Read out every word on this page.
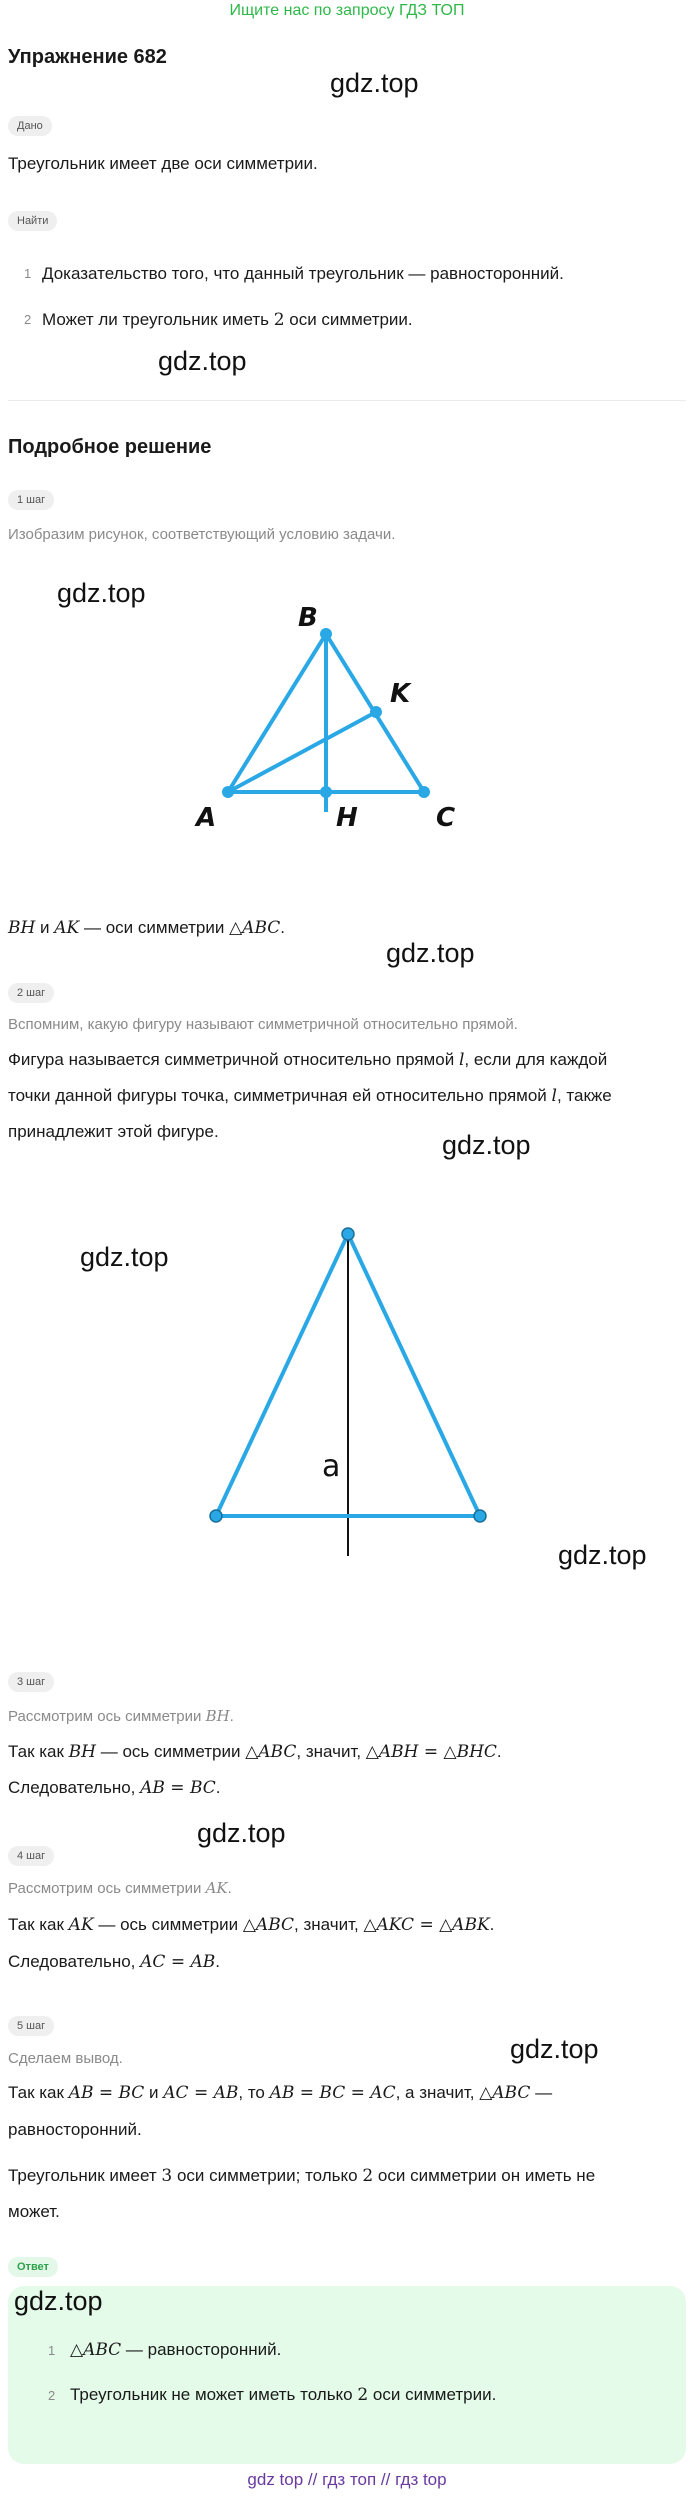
Ищите нас по запросу ГДЗ ТОП
Упражнение 682
gdz.top
gdz.top
gdz.top
gdz.top
gdz.top
gdz.top
gdz.top
gdz.top
gdz.top
Дано
Треугольник имеет две оси симметрии.
Найти
1 Доказательство того, что данный треугольник — равносторонний.
2 Может ли треугольник иметь 2 оси симметрии.
Подробное решение
1 шаг
Изобразим рисунок, соответствующий условию задачи.
B
K
A	H	C
BH и AK — оси симметрии △ABC.
2 шаг
Вспомним, какую фигуру называют симметричной относительно прямой.
Фигура называется симметричной относительно прямой l, если для каждой
точки данной фигуры точка, симметричная ей относительно прямой l, также
принадлежит этой фигуре.
a
3 шаг
Рассмотрим ось симметрии BH.
Так как BH — ось симметрии △ABC, значит, △ABH = △BHC.
Следовательно, AB = BC.
4 шаг
Рассмотрим ось симметрии AK.
Так как AK — ось симметрии △ABC, значит, △AKC = △ABK.
Следовательно, AC = AB.
5 шаг
Сделаем вывод.
Так как AB = BC и AC = AB, то AB = BC = AC, а значит, △ABC —
равносторонний.
Треугольник имеет 3 оси симметрии; только 2 оси симметрии он иметь не
может.
Ответ
gdz.top
1 △ABC — равносторонний.
2 Треугольник не может иметь только 2 оси симметрии.
gdz top // гдз топ // гдз top
